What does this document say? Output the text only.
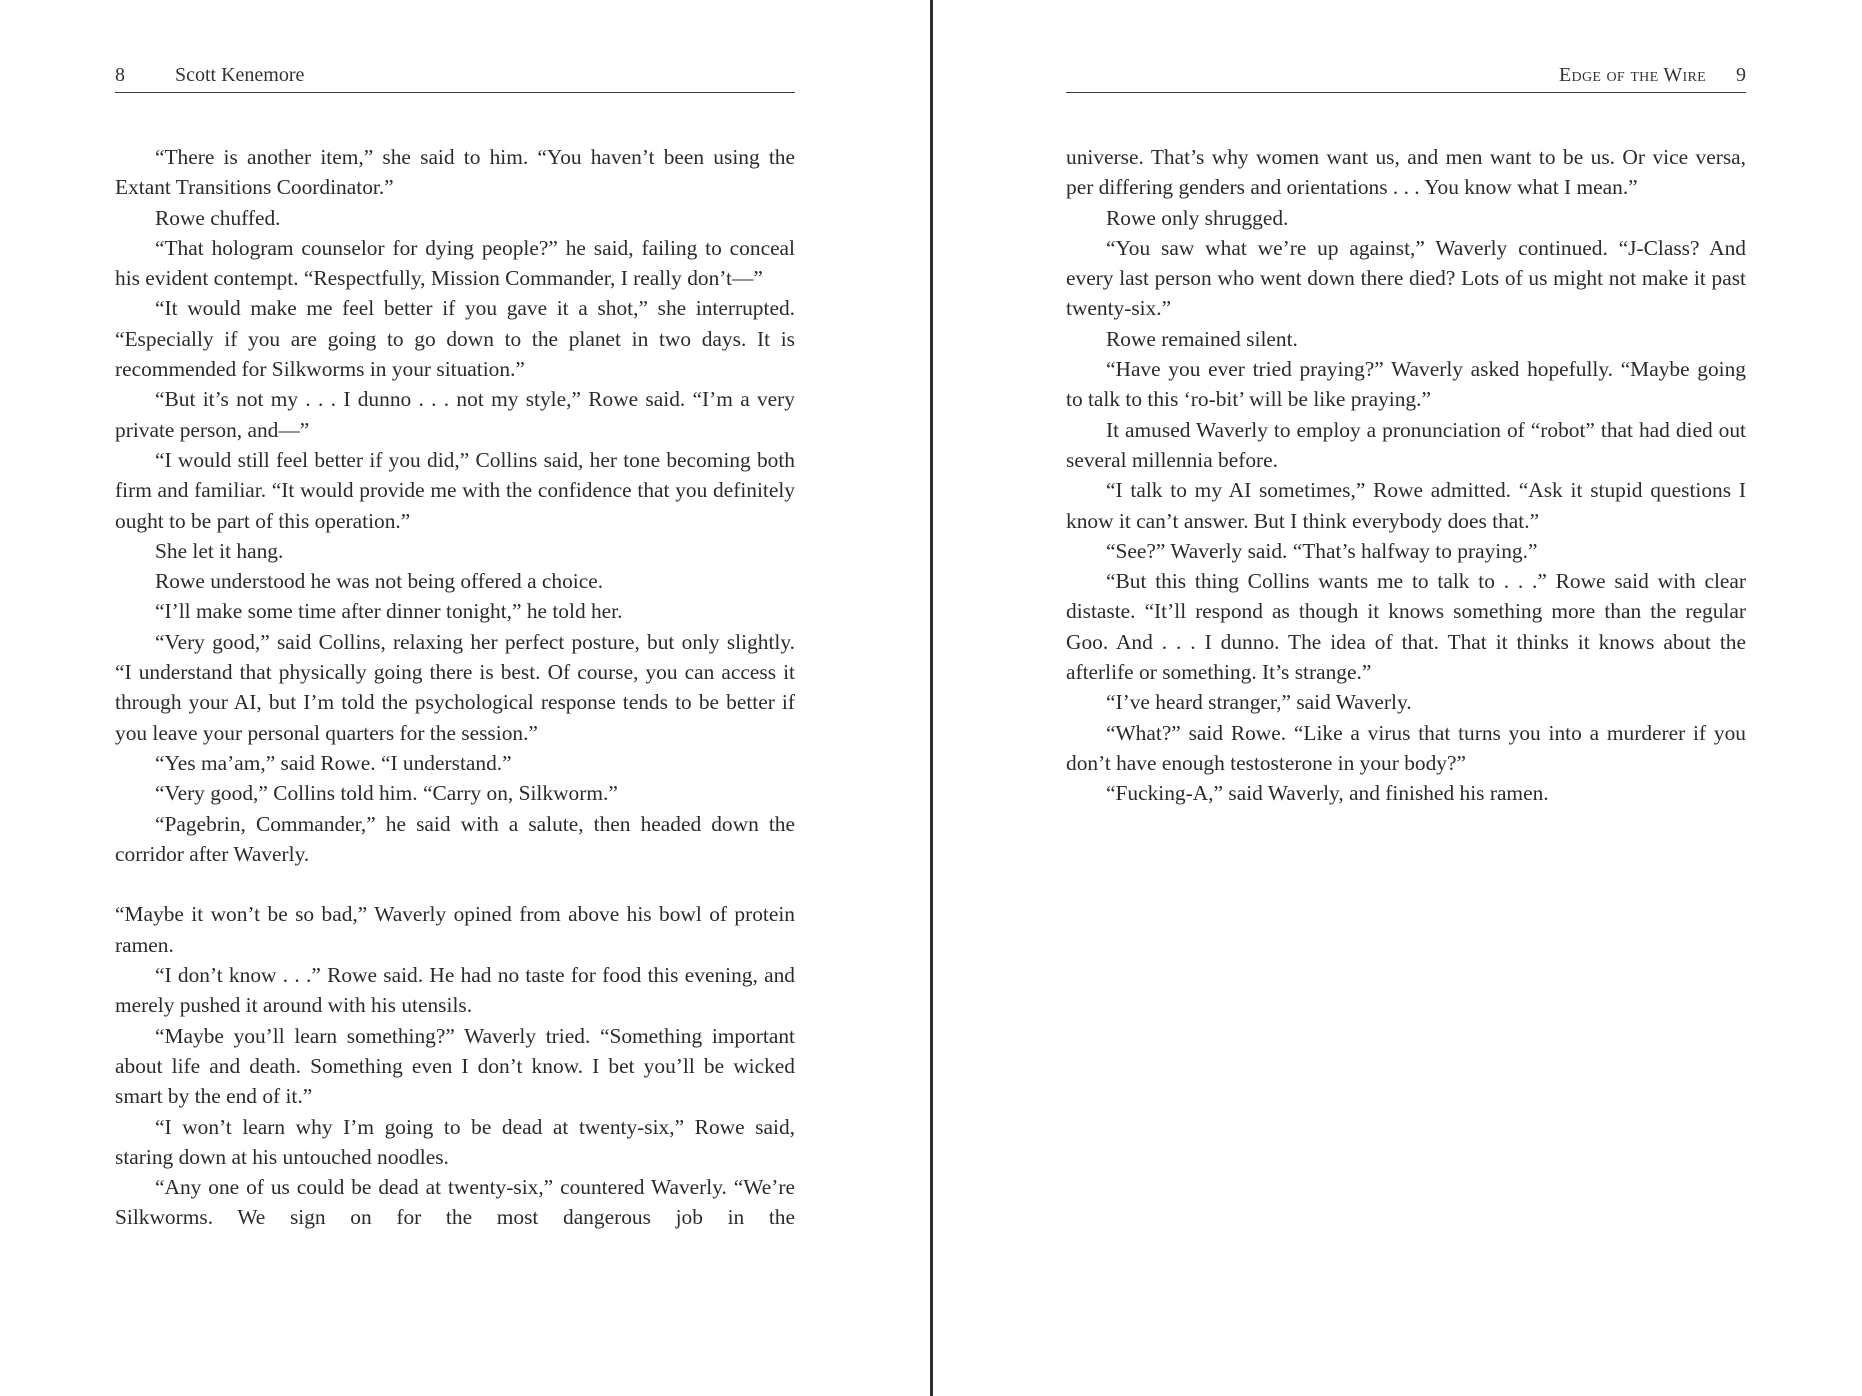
8	Scott Kenemore

“There is another item,” she said to him. “You haven’t been using the Extant Transitions Coordinator.”

Rowe chuffed.

“That hologram counselor for dying people?” he said, failing to conceal his evident contempt. “Respectfully, Mission Commander, I really don’t—”

“It would make me feel better if you gave it a shot,” she interrupted. “Especially if you are going to go down to the planet in two days. It is recommended for Silkworms in your situation.”

“But it’s not my . . . I dunno . . . not my style,” Rowe said. “I’m a very private person, and—”

“I would still feel better if you did,” Collins said, her tone becoming both firm and familiar. “It would provide me with the confidence that you definitely ought to be part of this operation.”

She let it hang.

Rowe understood he was not being offered a choice.

“I’ll make some time after dinner tonight,” he told her.

“Very good,” said Collins, relaxing her perfect posture, but only slightly. “I understand that physically going there is best. Of course, you can access it through your AI, but I’m told the psychological response tends to be better if you leave your personal quarters for the session.”

“Yes ma’am,” said Rowe. “I understand.”

“Very good,” Collins told him. “Carry on, Silkworm.”

“Pagebrin, Commander,” he said with a salute, then headed down the corridor after Waverly.

“Maybe it won’t be so bad,” Waverly opined from above his bowl of protein ramen.

“I don’t know . . .” Rowe said. He had no taste for food this evening, and merely pushed it around with his utensils.

“Maybe you’ll learn something?” Waverly tried. “Something important about life and death. Something even I don’t know. I bet you’ll be wicked smart by the end of it.”

“I won’t learn why I’m going to be dead at twenty-six,” Rowe said, staring down at his untouched noodles.

“Any one of us could be dead at twenty-six,” countered Waverly. “We’re Silkworms. We sign on for the most dangerous job in the

Edge of the Wire 9

universe. That’s why women want us, and men want to be us. Or vice versa, per differing genders and orientations . . . You know what I mean.”

Rowe only shrugged.

“You saw what we’re up against,” Waverly continued. “J-Class? And every last person who went down there died? Lots of us might not make it past twenty-six.”

Rowe remained silent.

“Have you ever tried praying?” Waverly asked hopefully. “Maybe going to talk to this ‘ro-bit’ will be like praying.”

It amused Waverly to employ a pronunciation of “robot” that had died out several millennia before.

“I talk to my AI sometimes,” Rowe admitted. “Ask it stupid questions I know it can’t answer. But I think everybody does that.”

“See?” Waverly said. “That’s halfway to praying.”

“But this thing Collins wants me to talk to . . .” Rowe said with clear distaste. “It’ll respond as though it knows something more than the regular Goo. And . . . I dunno. The idea of that. That it thinks it knows about the afterlife or something. It’s strange.”

“I’ve heard stranger,” said Waverly.

“What?” said Rowe. “Like a virus that turns you into a murderer if you don’t have enough testosterone in your body?”

“Fucking-A,” said Waverly, and finished his ramen.
